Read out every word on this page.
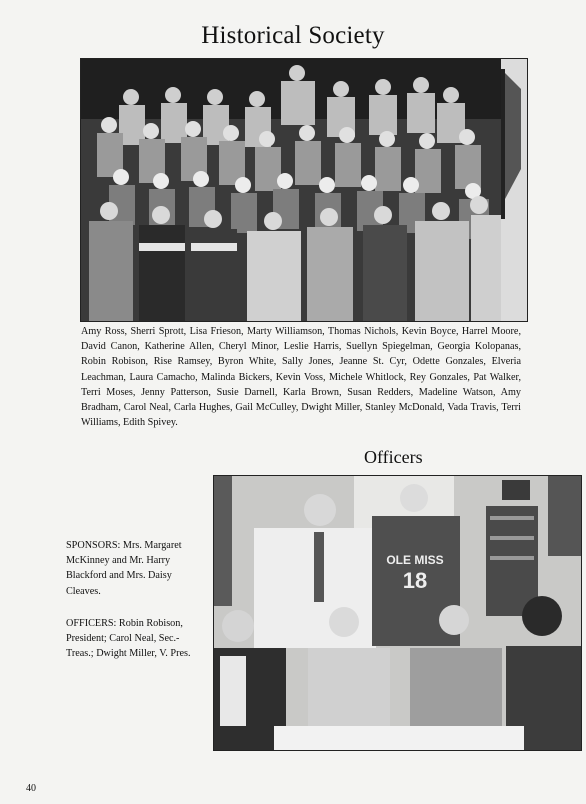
Historical Society
Amy Ross, Sherri Sprott, Lisa Frieson, Marty Williamson, Thomas Nichols, Kevin Boyce, Harrel Moore, David Canon, Katherine Allen, Cheryl Minor, Leslie Harris, Suellyn Spiegelman, Georgia Kolopanas, Robin Robison, Rise Ramsey, Byron White, Sally Jones, Jeanne St. Cyr, Odette Gonzales, Elveria Leachman, Laura Camacho, Malinda Bickers, Kevin Voss, Michele Whitlock, Rey Gonzales, Pat Walker, Terri Moses, Jenny Patterson, Susie Darnell, Karla Brown, Susan Redders, Madeline Watson, Amy Bradham, Carol Neal, Carla Hughes, Gail McCulley, Dwight Miller, Stanley McDonald, Vada Travis, Terri Williams, Edith Spivey.
Officers
SPONSORS: Mrs. Margaret McKinney and Mr. Harry Blackford and Mrs. Daisy Cleaves.
OFFICERS: Robin Robison, President; Carol Neal, Sec.-Treas.; Dwight Miller, V. Pres.
OLE MISS
18
40
